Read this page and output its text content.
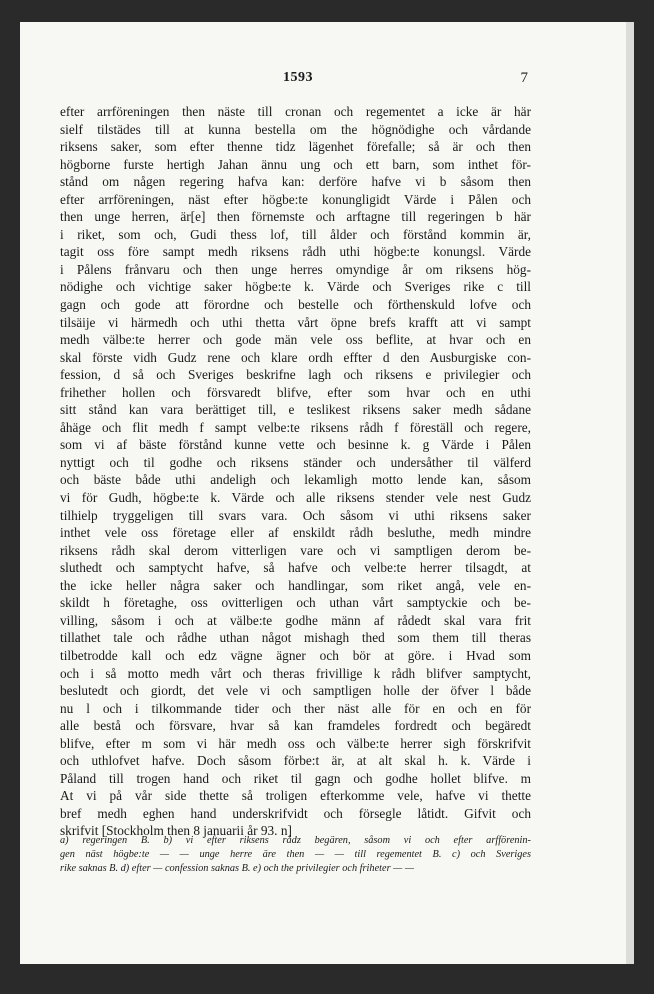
1593	7
efter arrföreningen then näste till cronan och regementet a icke är här
sielf tilstädes till at kunna bestella om the högnödighe och vårdande
riksens saker, som efter thenne tidz lägenhet förefalle; så är och then
högborne furste hertigh Jahan ännu ung och ett barn, som inthet för-
stånd om någen regering hafva kan: derföre hafve vi b såsom then
efter arrföreningen, näst efter högbe:te konungligidt Värde i Pålen och
then unge herren, är[e] then förnemste och arftagne till regeringen b här
i riket, som och, Gudi thess lof, till ålder och förstånd kommin är,
tagit oss före sampt medh riksens rådh uthi högbe:te konungsl. Värde
i Pålens frånvaru och then unge herres omyndige år om riksens hög-
nödighe och vichtige saker högbe:te k. Värde och Sveriges rike c till
gagn och gode att förordne och bestelle och förthenskuld lofve och
tilsäije vi härmedh och uthi thetta vårt öpne brefs krafft att vi sampt
medh välbe:te herrer och gode män vele oss beflite, at hvar och en
skal förste vidh Gudz rene och klare ordh effter d den Ausburgiske con-
fession, d så och Sveriges beskrifne lagh och riksens e privilegier och
frihether hollen och försvaredt blifve, efter som hvar och en uthi
sitt stånd kan vara berättiget till, e teslikest riksens saker medh sådane
åhäge och flit medh f sampt velbe:te riksens rådh f föreställ och regere,
som vi af bäste förstånd kunne vette och besinne k. g Värde i Pålen
nyttigt och til godhe och riksens ständer och undersåther til välferd
och bäste både uthi andeligh och lekamligh motto lende kan, såsom
vi för Gudh, högbe:te k. Värde och alle riksens stender vele nest Gudz
tilhielp tryggeligen till svars vara. Och såsom vi uthi riksens saker
inthet vele oss företage eller af enskildt rådh besluthe, medh mindre
riksens rådh skal derom vitterligen vare och vi samptligen derom be-
sluthedt och samptycht hafve, så hafve och velbe:te herrer tilsagdt, at
the icke heller några saker och handlingar, som riket angå, vele en-
skildt h företaghe, oss ovitterligen och uthan vårt samptyckie och be-
villing, såsom i och at välbe:te godhe männ af rådedt skal vara frit
tillathet tale och rådhe uthan något mishagh thed som them till theras
tilbetrodde kall och edz vägne ägner och bör at göre. i Hvad som
och i så motto medh vårt och theras frivillige k rådh blifver samptycht,
beslutedt och giordt, det vele vi och samptligen holle der öfver l både
nu l och i tilkommande tider och ther näst alle för en och en för
alle bestå och försvare, hvar så kan framdeles fordredt och begäredt
blifve, efter m som vi här medh oss och välbe:te herrer sigh förskrifvit
och uthlofvet hafve. Doch såsom förbe:t är, at alt skal h. k. Värde i
Påland till trogen hand och riket til gagn och godhe hollet blifve. m
At vi på vår side thette så troligen efterkomme vele, hafve vi thette
bref medh eghen hand underskrifvidt och försegle låtidt. Gifvit och
skrifvit [Stockholm then 8 januarii år 93. n]
a) regeringen B. b) vi efter riksens rådz begären, såsom vi och efter arfförenin-
gen näst högbe:te — — unge herre äre then — — till regementet B. c) och Sveriges
rike saknas B. d) efter — confession saknas B. e) och the privilegier och friheter — —
